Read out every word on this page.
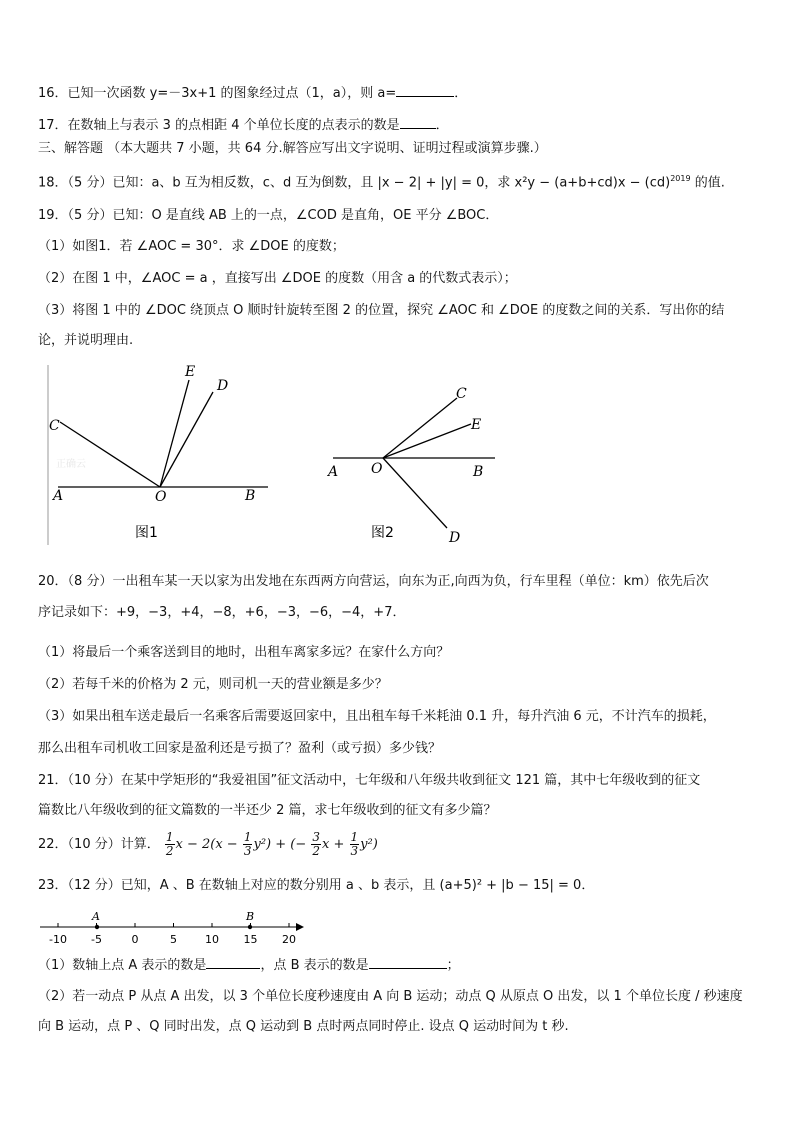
16．已知一次函数 y=－3x+1 的图象经过点（1，a），则 a=	．
17．在数轴上与表示 3 的点相距 4 个单位长度的点表示的数是	．
三、解答题 （本大题共 7 小题，共 64 分.解答应写出文字说明、证明过程或演算步骤.）
18．（5 分）已知：a、b 互为相反数，c、d 互为倒数，且 |x − 2| + |y| = 0，求 x²y − (a+b+cd)x − (cd)$^{2019}$ 的值.
19．（5 分）已知：O 是直线 AB 上的一点，∠COD 是直角，OE 平分 ∠BOC．
（1）如图1．若 ∠AOC = 30°．求 ∠DOE 的度数；
（2）在图 1 中，∠AOC = a ，直接写出 ∠DOE 的度数（用含 a 的代数式表示）；
（3）将图 1 中的 ∠DOC 绕顶点 O 顺时针旋转至图 2 的位置，探究 ∠AOC 和 ∠DOE 的度数之间的关系．写出你的结
论，并说明理由.
A	B
C
E
D
O
正确云
图1
A	B
C
E
D
O
图2
20．（8 分）一出租车某一天以家为出发地在东西两方向营运，向东为正,向西为负，行车里程（单位：km）依先后次
序记录如下：+9，−3，+4，−8，+6，−3，−6，−4，+7．
（1）将最后一个乘客送到目的地时，出租车离家多远？在家什么方向？
（2）若每千米的价格为 2 元，则司机一天的营业额是多少？
（3）如果出租车送走最后一名乘客后需要返回家中，且出租车每千米耗油 0.1 升，每升汽油 6 元，不计汽车的损耗，
那么出租车司机收工回家是盈利还是亏损了？盈利（或亏损）多少钱？
21．（10 分）在某中学矩形的“我爱祖国”征文活动中，七年级和八年级共收到征文 121 篇，其中七年级收到的征文
篇数比八年级收到的征文篇数的一半还少 2 篇，求七年级收到的征文有多少篇？
22．（10 分）计算． $\frac{1}{2}$ $x - 2(x - \frac{1}{3} y^2)$ + (− $\frac{3}{2}$ $x + \frac{1}{3} y^2$)
23．（12 分）已知，A 、B 在数轴上对应的数分别用 a 、b 表示，且 (a+5)² + |b − 15| = 0．
-10 -5	0	5	10 15 20
A	B
（1）数轴上点 A 表示的数是	，点 B 表示的数是	；
（2）若一动点 P 从点 A 出发，以 3 个单位长度秒速度由 A 向 B 运动；动点 Q 从原点 O 出发，以 1 个单位长度 / 秒速度
向 B 运动，点 P 、Q 同时出发，点 Q 运动到 B 点时两点同时停止. 设点 Q 运动时间为 t 秒.
